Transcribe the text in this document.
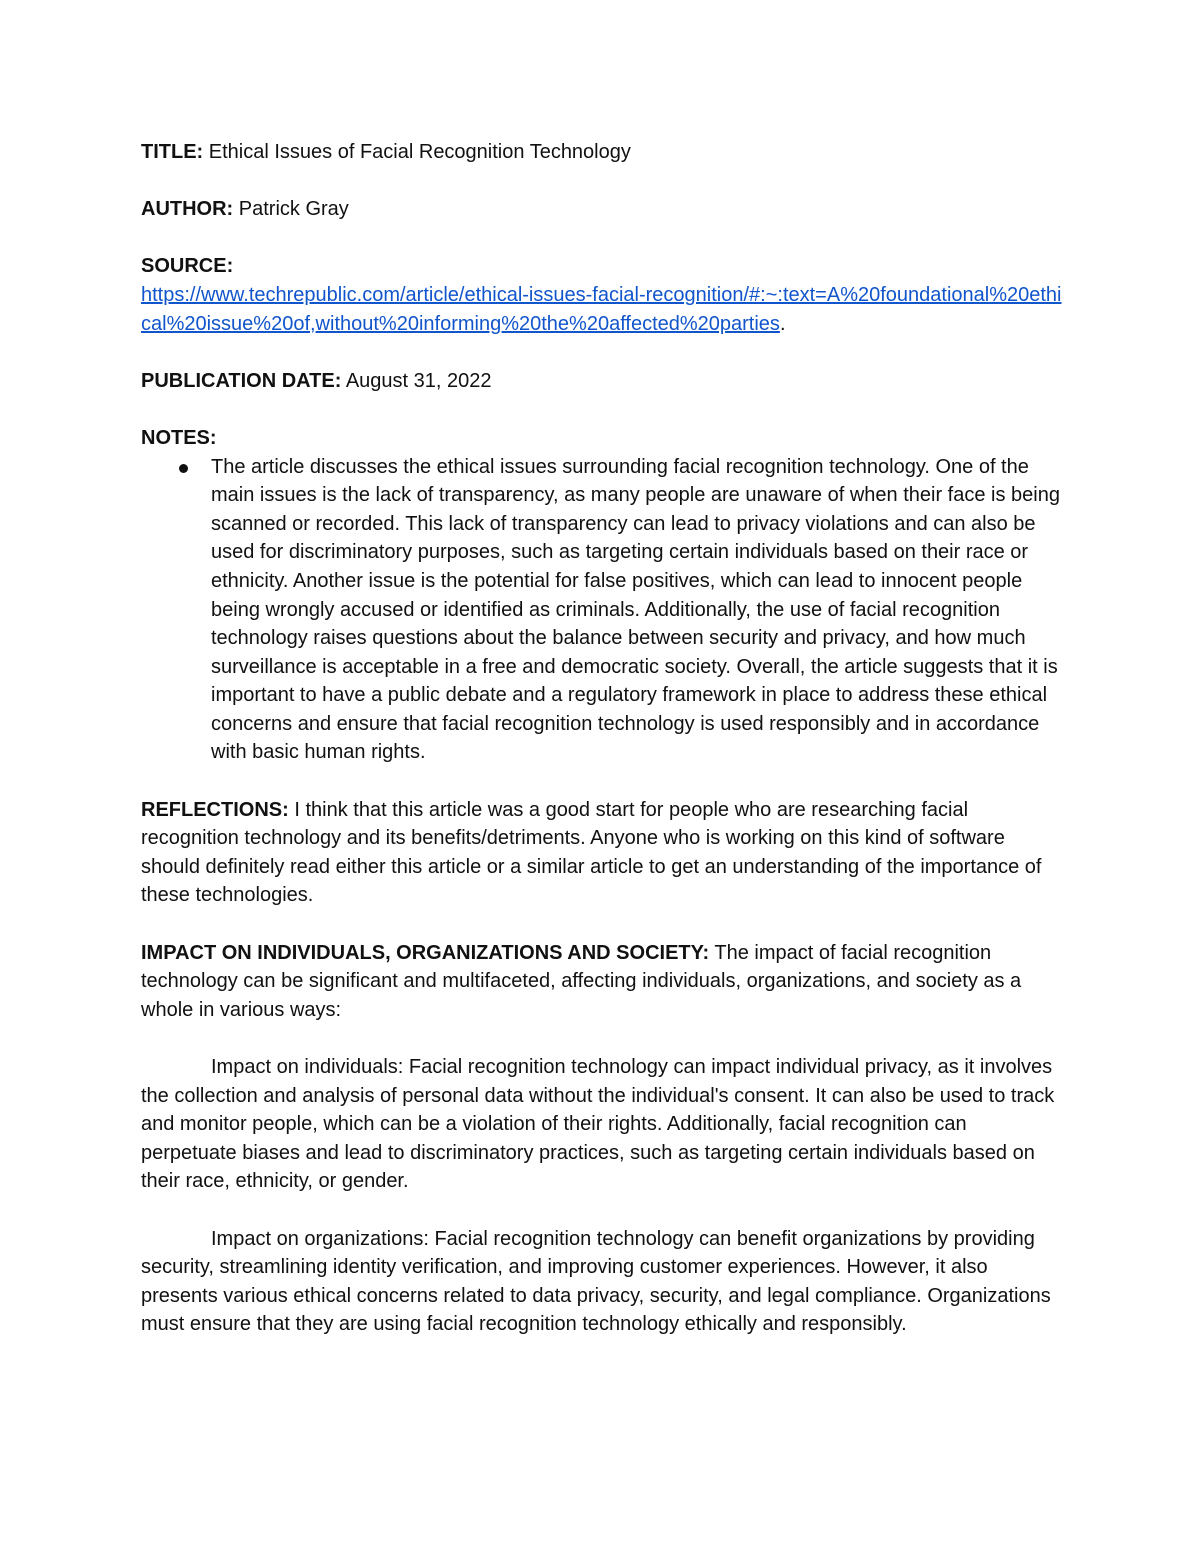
TITLE: Ethical Issues of Facial Recognition Technology

AUTHOR: Patrick Gray

SOURCE:
https://www.techrepublic.com/article/ethical-issues-facial-recognition/#:~:text=A%20foundational%20ethical%20issue%20of,without%20informing%20the%20affected%20parties.

PUBLICATION DATE: August 31, 2022

NOTES:
The article discusses the ethical issues surrounding facial recognition technology. One of the main issues is the lack of transparency, as many people are unaware of when their face is being scanned or recorded. This lack of transparency can lead to privacy violations and can also be used for discriminatory purposes, such as targeting certain individuals based on their race or ethnicity. Another issue is the potential for false positives, which can lead to innocent people being wrongly accused or identified as criminals. Additionally, the use of facial recognition technology raises questions about the balance between security and privacy, and how much surveillance is acceptable in a free and democratic society. Overall, the article suggests that it is important to have a public debate and a regulatory framework in place to address these ethical concerns and ensure that facial recognition technology is used responsibly and in accordance with basic human rights.

REFLECTIONS: I think that this article was a good start for people who are researching facial recognition technology and its benefits/detriments. Anyone who is working on this kind of software should definitely read either this article or a similar article to get an understanding of the importance of these technologies.

IMPACT ON INDIVIDUALS, ORGANIZATIONS AND SOCIETY: The impact of facial recognition technology can be significant and multifaceted, affecting individuals, organizations, and society as a whole in various ways:

Impact on individuals: Facial recognition technology can impact individual privacy, as it involves the collection and analysis of personal data without the individual's consent. It can also be used to track and monitor people, which can be a violation of their rights. Additionally, facial recognition can perpetuate biases and lead to discriminatory practices, such as targeting certain individuals based on their race, ethnicity, or gender.

Impact on organizations: Facial recognition technology can benefit organizations by providing security, streamlining identity verification, and improving customer experiences. However, it also presents various ethical concerns related to data privacy, security, and legal compliance. Organizations must ensure that they are using facial recognition technology ethically and responsibly.
